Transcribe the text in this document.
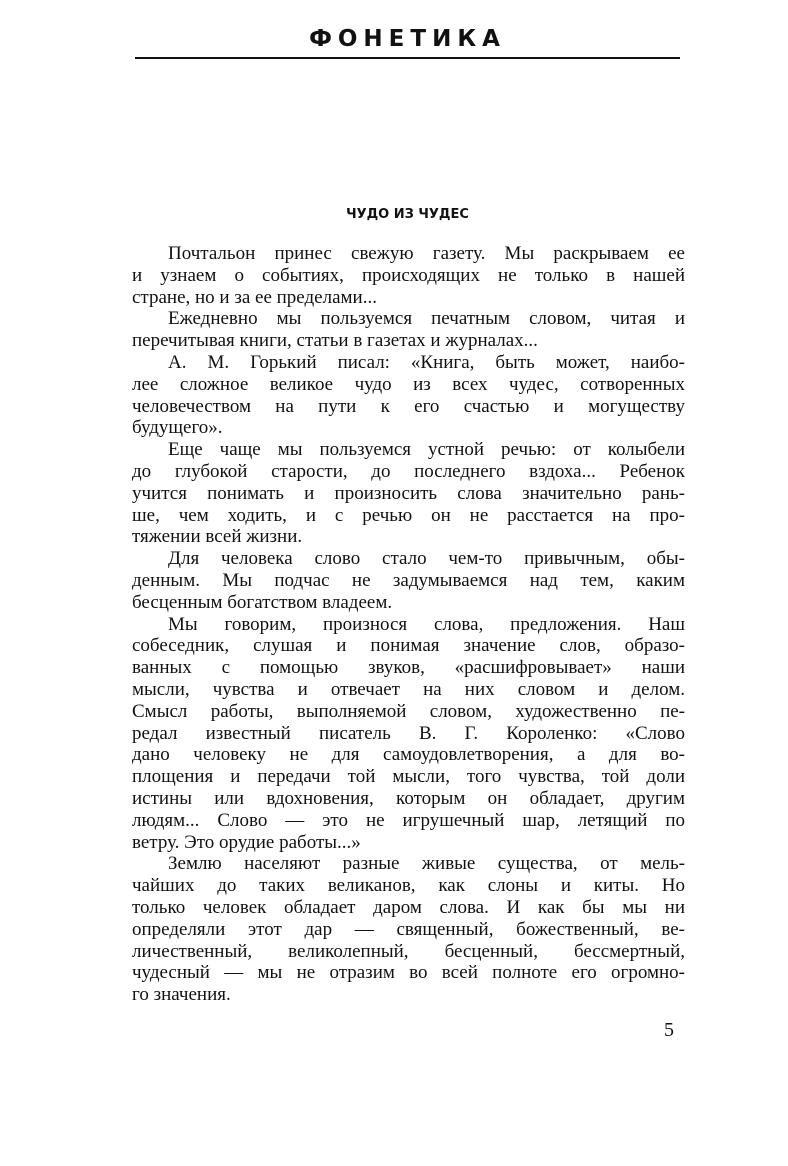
ФОНЕТИКА
ЧУДО ИЗ ЧУДЕС
Почтальон принес свежую газету. Мы раскрываем ее
и узнаем о событиях, происходящих не только в нашей
стране, но и за ее пределами...
Ежедневно мы пользуемся печатным словом, читая и
перечитывая книги, статьи в газетах и журналах...
А. М. Горький писал: «Книга, быть может, наибо-
лее сложное великое чудо из всех чудес, сотворенных
человечеством на пути к его счастью и могуществу
будущего».
Еще чаще мы пользуемся устной речью: от колыбели
до глубокой старости, до последнего вздоха... Ребенок
учится понимать и произносить слова значительно рань-
ше, чем ходить, и с речью он не расстается на про-
тяжении всей жизни.
Для человека слово стало чем-то привычным, обы-
денным. Мы подчас не задумываемся над тем, каким
бесценным богатством владеем.
Мы говорим, произнося слова, предложения. Наш
собеседник, слушая и понимая значение слов, образо-
ванных с помощью звуков, «расшифровывает» наши
мысли, чувства и отвечает на них словом и делом.
Смысл работы, выполняемой словом, художественно пе-
редал известный писатель В. Г. Короленко: «Слово
дано человеку не для самоудовлетворения, а для во-
площения и передачи той мысли, того чувства, той доли
истины или вдохновения, которым он обладает, другим
людям... Слово — это не игрушечный шар, летящий по
ветру. Это орудие работы...»
Землю населяют разные живые существа, от мель-
чайших до таких великанов, как слоны и киты. Но
только человек обладает даром слова. И как бы мы ни
определяли этот дар — священный, божественный, ве-
личественный, великолепный, бесценный, бессмертный,
чудесный — мы не отразим во всей полноте его огромно-
го значения.
5
